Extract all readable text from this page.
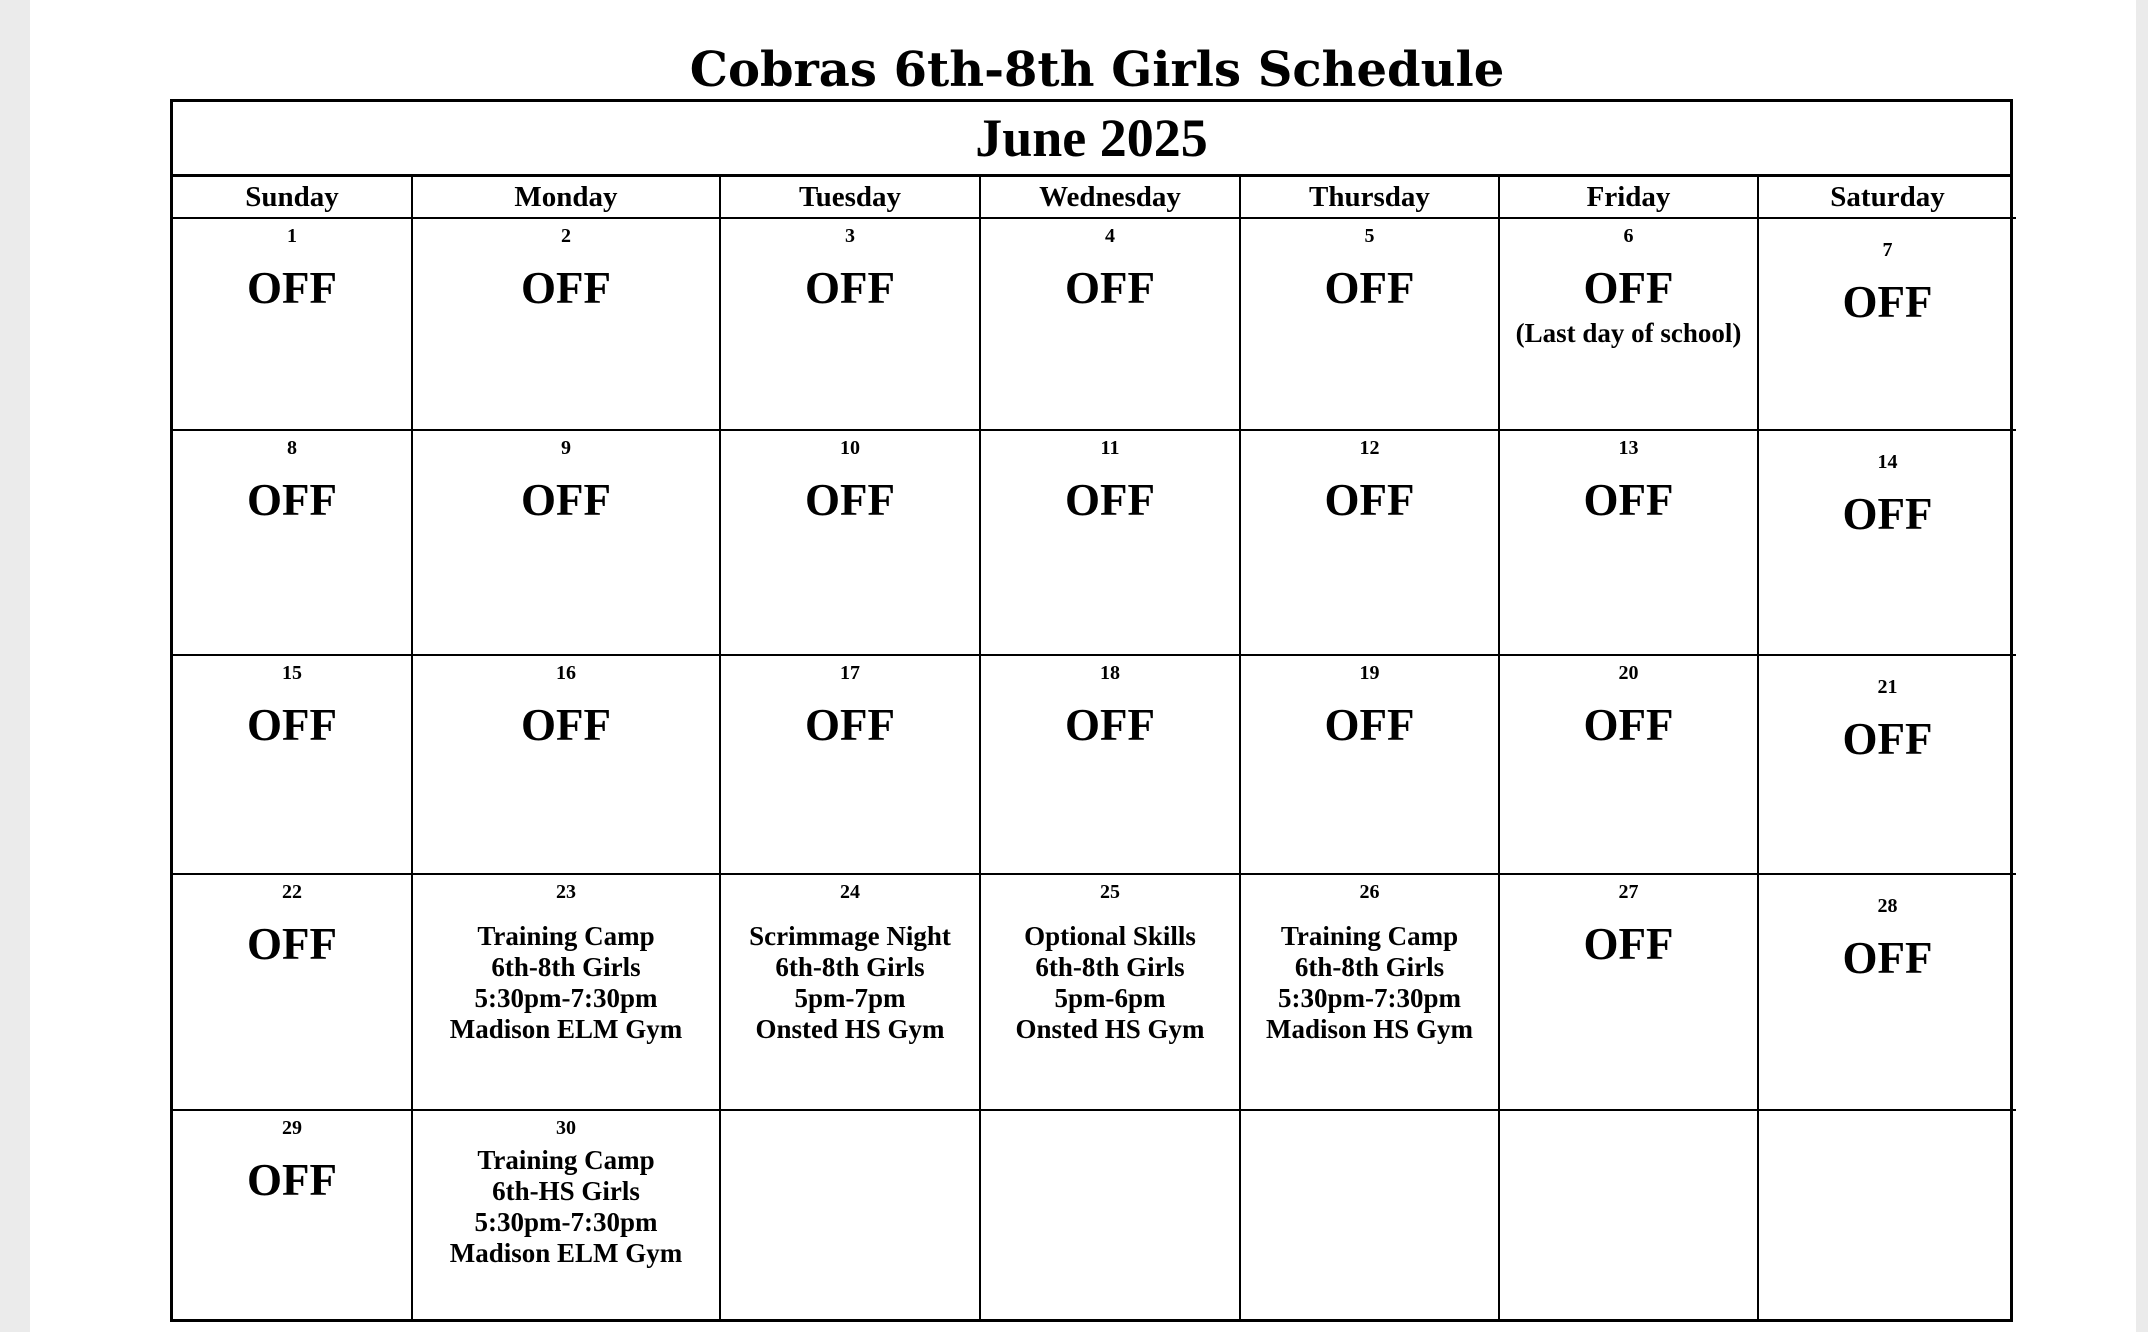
Cobras 6th-8th Girls Schedule
June 2025
Sunday	Monday	Tuesday	Wednesday	Thursday	Friday	Saturday

1
OFF	2
OFF	3
OFF	4
OFF	5
OFF	6
OFF
(Last day of school)	7
OFF

8
OFF	9
OFF	10
OFF	11
OFF	12
OFF	13
OFF	14
OFF

15
OFF	16
OFF	17
OFF	18
OFF	19
OFF	20
OFF	21
OFF

22
OFF	23
Training Camp
6th-8th Girls
5:30pm-7:30pm
Madison ELM Gym	24
Scrimmage Night
6th-8th Girls
5pm-7pm
Onsted HS Gym	25
Optional Skills
6th-8th Girls
5pm-6pm
Onsted HS Gym	26
Training Camp
6th-8th Girls
5:30pm-7:30pm
Madison HS Gym	27
OFF	28
OFF

29
OFF	30
Training Camp
6th-HS Girls
5:30pm-7:30pm
Madison ELM Gym					
